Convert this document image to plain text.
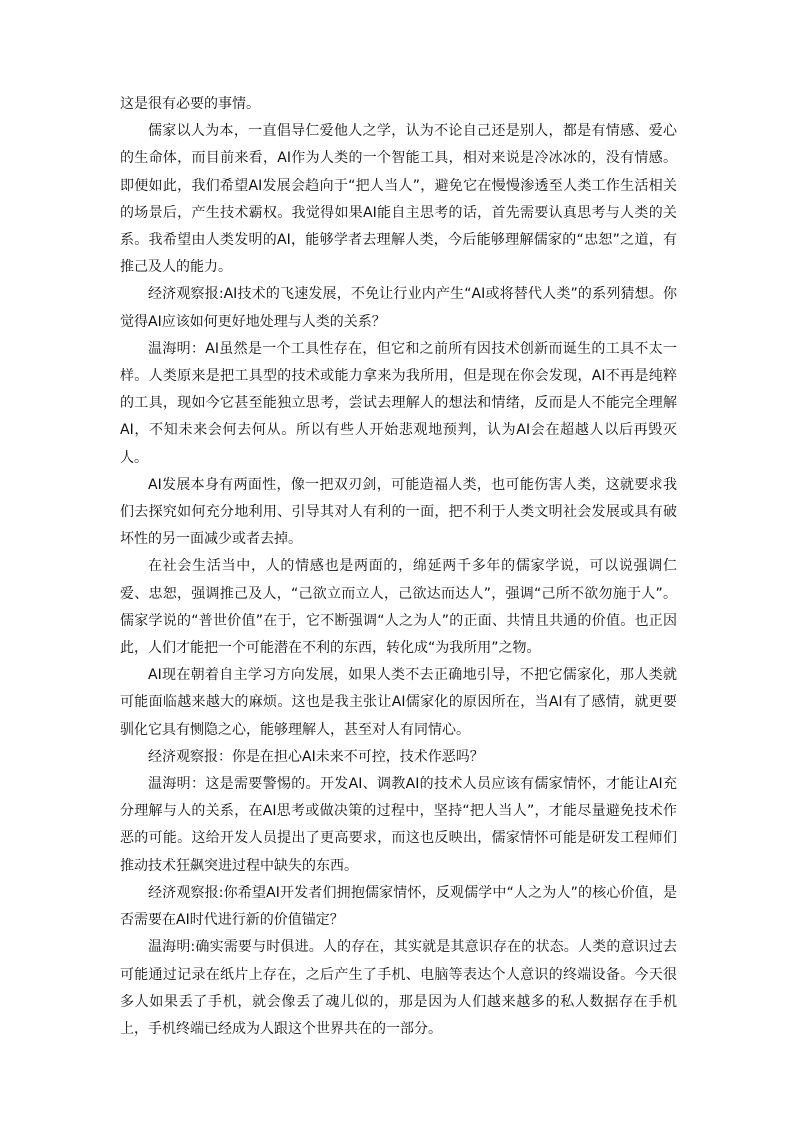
这是很有必要的事情。

儒家以人为本，一直倡导仁爱他人之学，认为不论自己还是别人，都是有情感、爱心的生命体，而目前来看，AI作为人类的一个智能工具，相对来说是冷冰冰的，没有情感。即便如此，我们希望AI发展会趋向于“把人当人”，避免它在慢慢渗透至人类工作生活相关的场景后，产生技术霸权。我觉得如果AI能自主思考的话，首先需要认真思考与人类的关系。我希望由人类发明的AI，能够学者去理解人类，今后能够理解儒家的“忠恕”之道，有推己及人的能力。

经济观察报:AI技术的飞速发展，不免让行业内产生“AI或将替代人类”的系列猜想。你觉得AI应该如何更好地处理与人类的关系？

温海明：AI虽然是一个工具性存在，但它和之前所有因技术创新而诞生的工具不太一样。人类原来是把工具型的技术或能力拿来为我所用，但是现在你会发现，AI不再是纯粹的工具，现如今它甚至能独立思考，尝试去理解人的想法和情绪，反而是人不能完全理解AI，不知未来会何去何从。所以有些人开始悲观地预判，认为AI会在超越人以后再毁灭人。

AI发展本身有两面性，像一把双刃剑，可能造福人类，也可能伤害人类，这就要求我们去探究如何充分地利用、引导其对人有利的一面，把不利于人类文明社会发展或具有破坏性的另一面减少或者去掉。

在社会生活当中，人的情感也是两面的，绵延两千多年的儒家学说，可以说强调仁爱、忠恕，强调推己及人，“己欲立而立人，己欲达而达人”，强调“己所不欲勿施于人”。儒家学说的“普世价值”在于，它不断强调“人之为人”的正面、共情且共通的价值。也正因此，人们才能把一个可能潜在不利的东西，转化成“为我所用”之物。

AI现在朝着自主学习方向发展，如果人类不去正确地引导，不把它儒家化，那人类就可能面临越来越大的麻烦。这也是我主张让AI儒家化的原因所在，当AI有了感情，就更要驯化它具有恻隐之心，能够理解人，甚至对人有同情心。

经济观察报：你是在担心AI未来不可控，技术作恶吗？

温海明：这是需要警惕的。开发AI、调教AI的技术人员应该有儒家情怀，才能让AI充分理解与人的关系，在AI思考或做决策的过程中，坚持“把人当人”，才能尽量避免技术作恶的可能。这给开发人员提出了更高要求，而这也反映出，儒家情怀可能是研发工程师们推动技术狂飙突进过程中缺失的东西。

经济观察报:你希望AI开发者们拥抱儒家情怀，反观儒学中“人之为人”的核心价值，是否需要在AI时代进行新的价值锚定？

温海明:确实需要与时俱进。人的存在，其实就是其意识存在的状态。人类的意识过去可能通过记录在纸片上存在，之后产生了手机、电脑等表达个人意识的终端设备。今天很多人如果丢了手机，就会像丢了魂儿似的，那是因为人们越来越多的私人数据存在手机上，手机终端已经成为人跟这个世界共在的一部分。
